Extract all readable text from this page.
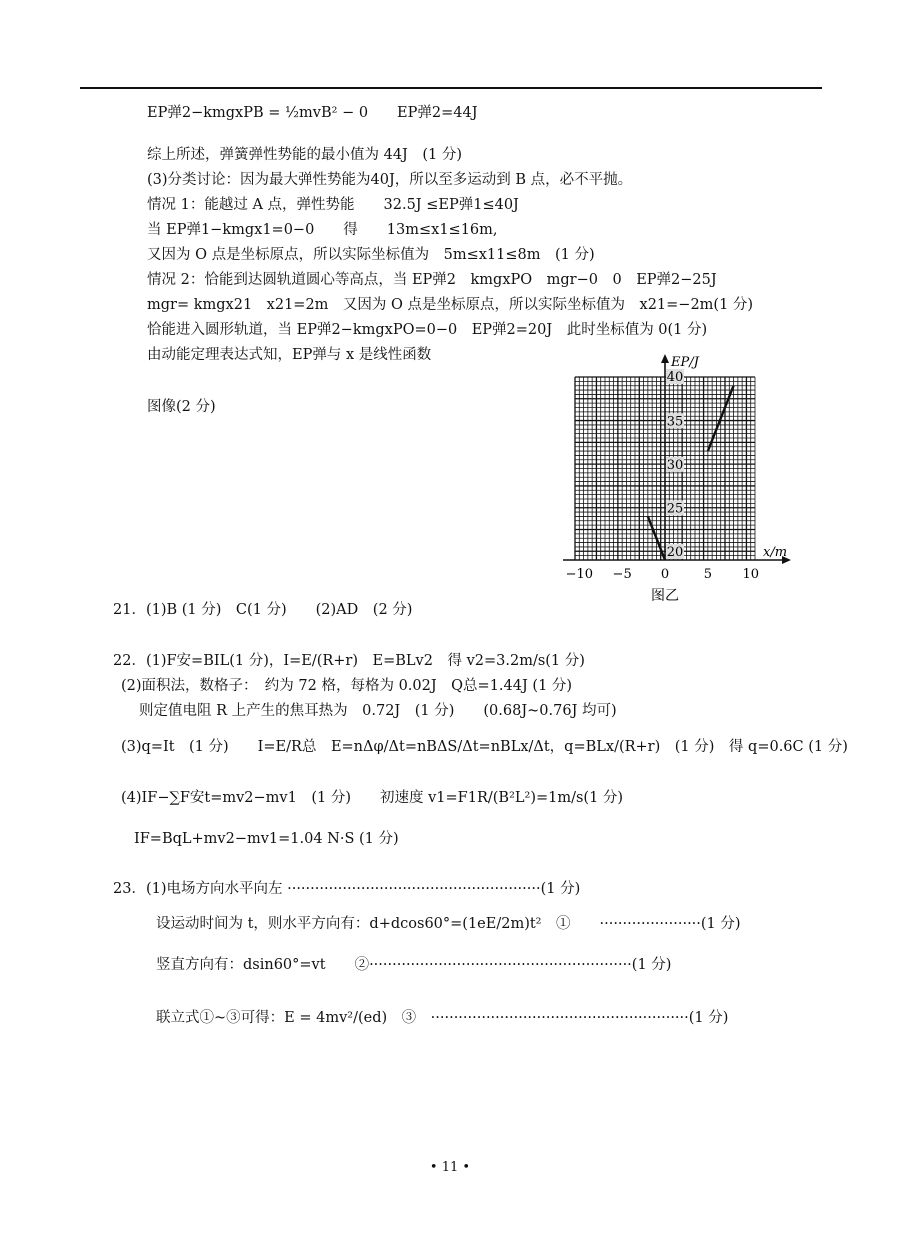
EP弹2−kmgxPB = ½mvB² − 0　　EP弹2=44J
综上所述，弹簧弹性势能的最小值为 44J　(1 分)
(3)分类讨论：因为最大弹性势能为40J，所以至多运动到 B 点，必不平抛。
情况 1：能越过 A 点，弹性势能　　32.5J ≤EP弹1≤40J
当 EP弹1−kmgx1=0−0　　得　　13m≤x1≤16m,
又因为 O 点是坐标原点，所以实际坐标值为　5m≤x11≤8m　(1 分)
情况 2：恰能到达圆轨道圆心等高点，当 EP弹2　kmgxPO　mgr−0　0　EP弹2−25J
mgr= kmgx21　x21=2m　又因为 O 点是坐标原点，所以实际坐标值为　x21=−2m(1 分)
恰能进入圆形轨道，当 EP弹2−kmgxPO=0−0　EP弹2=20J　此时坐标值为 0(1 分)
由动能定理表达式知，EP弹与 x 是线性函数
图像(2 分)
−10 −5 0	5 10
20
25
30
35
40
x/m
EP/J
图乙
21．(1)B (1 分)　C(1 分)　　(2)AD　(2 分)
22．(1)F安=BIL(1 分)，I=E/(R+r)　E=BLv2　得 v2=3.2m/s(1 分)
(2)面积法，数格子：　约为 72 格，每格为 0.02J　Q总=1.44J (1 分)
则定值电阻 R 上产生的焦耳热为　0.72J　(1 分)　　(0.68J~0.76J 均可)
(3)q=It　(1 分)　　I=E/R总　E=nΔφ/Δt=nBΔS/Δt=nBLx/Δt，q=BLx/(R+r)　(1 分)　得 q=0.6C (1 分)
(4)IF−∑F安t=mv2−mv1　(1 分)　　初速度 v1=F1R/(B²L²)=1m/s(1 分)
IF=BqL+mv2−mv1=1.04 N·S (1 分)
23．(1)电场方向水平向左 ·······················································(1 分)
设运动时间为 t，则水平方向有：d+dcos60°=(1eE/2m)t²　①　　······················(1 分)
竖直方向有：dsin60°=vt　　②·························································(1 分)
联立式①~③可得：E = 4mv²/(ed)　③　························································(1 分)
• 11 •
